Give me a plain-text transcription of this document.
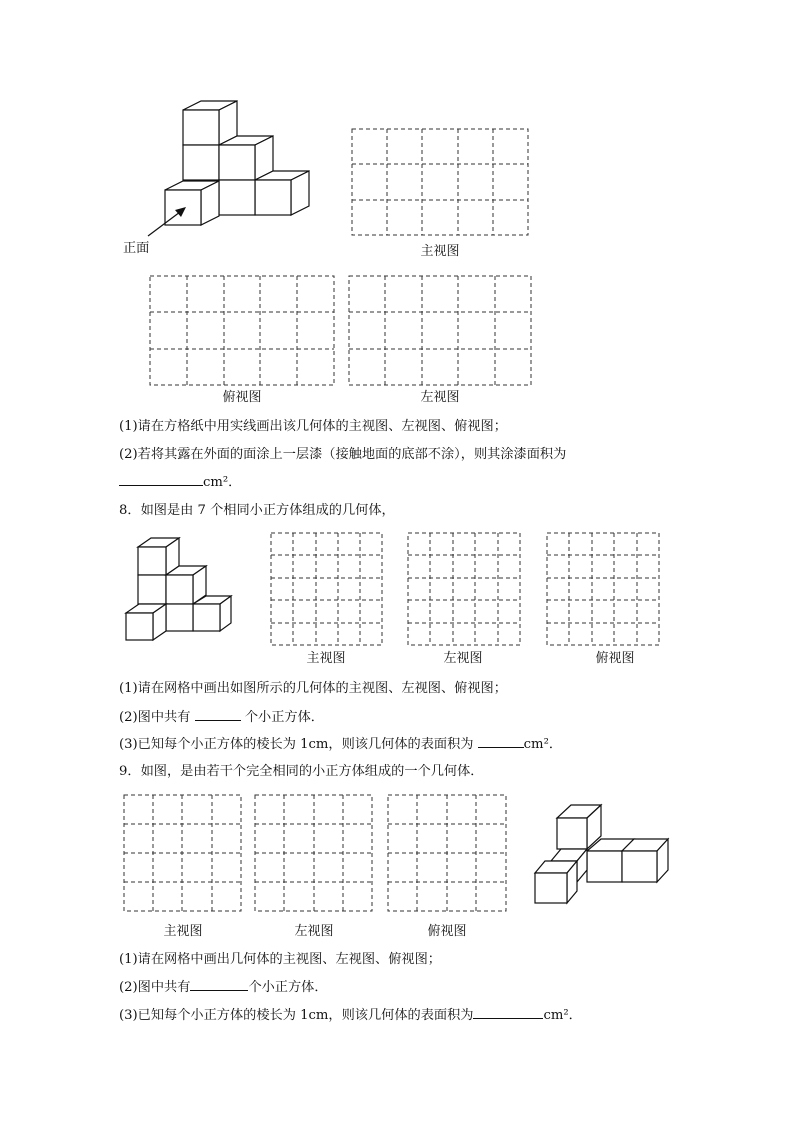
正面	主视图
俯视图	左视图
(1)请在方格纸中用实线画出该几何体的主视图、左视图、俯视图；
(2)若将其露在外面的面涂上一层漆（接触地面的底部不涂），则其涂漆面积为
cm²．
8．如图是由 7 个相同小正方体组成的几何体，
主视图	左视图	俯视图
(1)请在网格中画出如图所示的几何体的主视图、左视图、俯视图；
(2)图中共有	个小正方体．
(3)已知每个小正方体的棱长为 1cm，则该几何体的表面积为	cm²．
9．如图，是由若干个完全相同的小正方体组成的一个几何体．
主视图	左视图	俯视图
(1)请在网格中画出几何体的主视图、左视图、俯视图；
(2)图中共有	个小正方体．
(3)已知每个小正方体的棱长为 1cm，则该几何体的表面积为	cm²．
